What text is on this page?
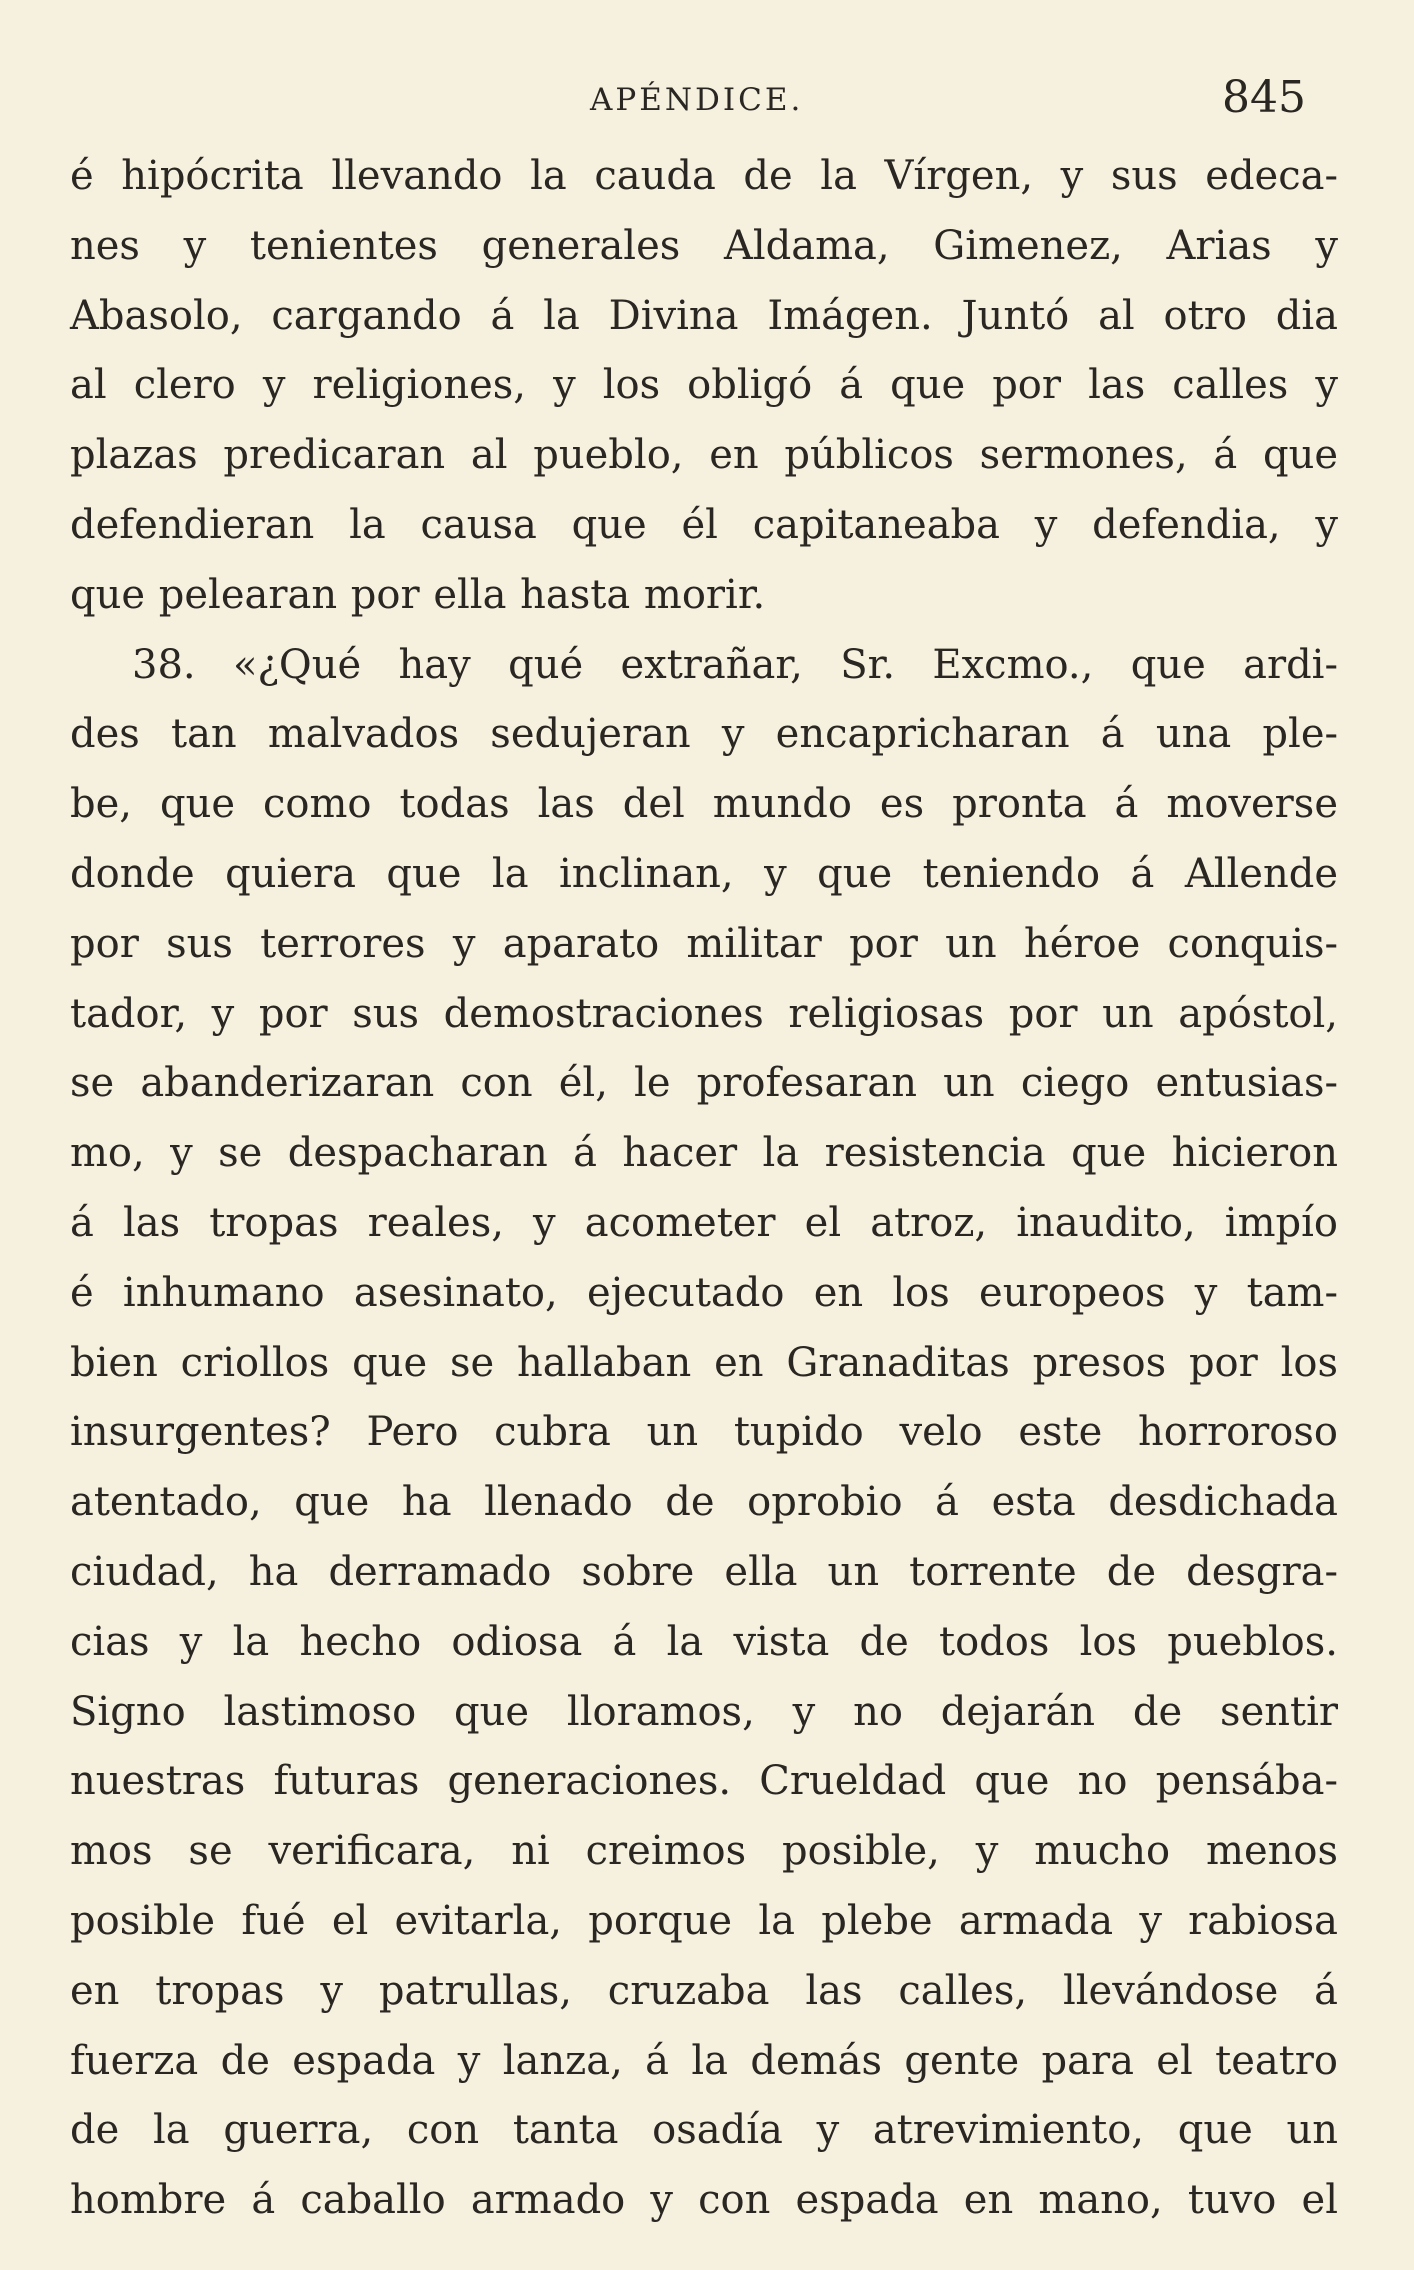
APÉNDICE.	845
é hipócrita llevando la cauda de la Vírgen, y sus edeca-
nes y tenientes generales Aldama, Gimenez, Arias y
Abasolo, cargando á la Divina Imágen. Juntó al otro dia
al clero y religiones, y los obligó á que por las calles y
plazas predicaran al pueblo, en públicos sermones, á que
defendieran la causa que él capitaneaba y defendia, y
que pelearan por ella hasta morir.
38. «¿Qué hay qué extrañar, Sr. Excmo., que ardi-
des tan malvados sedujeran y encapricharan á una ple-
be, que como todas las del mundo es pronta á moverse
donde quiera que la inclinan, y que teniendo á Allende
por sus terrores y aparato militar por un héroe conquis-
tador, y por sus demostraciones religiosas por un apóstol,
se abanderizaran con él, le profesaran un ciego entusias-
mo, y se despacharan á hacer la resistencia que hicieron
á las tropas reales, y acometer el atroz, inaudito, impío
é inhumano asesinato, ejecutado en los europeos y tam-
bien criollos que se hallaban en Granaditas presos por los
insurgentes? Pero cubra un tupido velo este horroroso
atentado, que ha llenado de oprobio á esta desdichada
ciudad, ha derramado sobre ella un torrente de desgra-
cias y la hecho odiosa á la vista de todos los pueblos.
Signo lastimoso que lloramos, y no dejarán de sentir
nuestras futuras generaciones. Crueldad que no pensába-
mos se verificara, ni creimos posible, y mucho menos
posible fué el evitarla, porque la plebe armada y rabiosa
en tropas y patrullas, cruzaba las calles, llevándose á
fuerza de espada y lanza, á la demás gente para el teatro
de la guerra, con tanta osadía y atrevimiento, que un
hombre á caballo armado y con espada en mano, tuvo el
